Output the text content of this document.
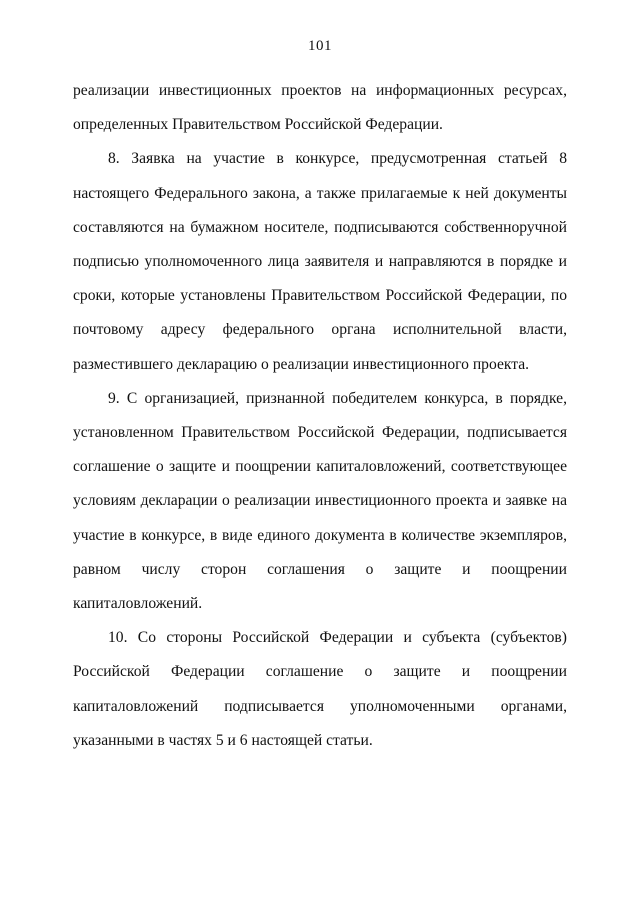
101

реализации инвестиционных проектов на информационных ресурсах, определенных Правительством Российской Федерации.

8. Заявка на участие в конкурсе, предусмотренная статьей 8 настоящего Федерального закона, а также прилагаемые к ней документы составляются на бумажном носителе, подписываются собственноручной подписью уполномоченного лица заявителя и направляются в порядке и сроки, которые установлены Правительством Российской Федерации, по почтовому адресу федерального органа исполнительной власти, разместившего декларацию о реализации инвестиционного проекта.

9. С организацией, признанной победителем конкурса, в порядке, установленном Правительством Российской Федерации, подписывается соглашение о защите и поощрении капиталовложений, соответствующее условиям декларации о реализации инвестиционного проекта и заявке на участие в конкурсе, в виде единого документа в количестве экземпляров, равном числу сторон соглашения о защите и поощрении капиталовложений.

10. Со стороны Российской Федерации и субъекта (субъектов) Российской Федерации соглашение о защите и поощрении капиталовложений подписывается уполномоченными органами, указанными в частях 5 и 6 настоящей статьи.
